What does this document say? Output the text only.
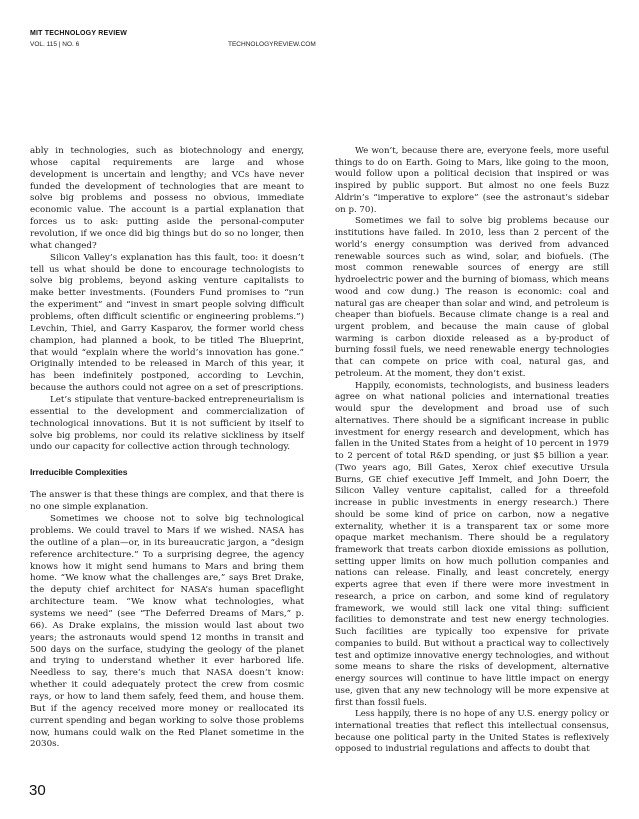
MIT TECHNOLOGY REVIEW
VOL. 115 | NO. 6	TECHNOLOGYREVIEW.COM

ably in technologies, such as biotechnology and energy, whose capital requirements are large and whose development is uncertain and lengthy; and VCs have never funded the development of technologies that are meant to solve big problems and possess no obvious, immediate economic value. The account is a partial explanation that forces us to ask: putting aside the personal-computer revolution, if we once did big things but do so no longer, then what changed?

Silicon Valley’s explanation has this fault, too: it doesn’t tell us what should be done to encourage technologists to solve big problems, beyond asking venture capitalists to make better investments. (Founders Fund promises to “run the experiment” and “invest in smart people solving difficult problems, often difficult scientific or engineering problems.”) Levchin, Thiel, and Garry Kasparov, the former world chess champion, had planned a book, to be titled The Blueprint, that would “explain where the world’s innovation has gone.” Originally intended to be released in March of this year, it has been indefinitely postponed, according to Levchin, because the authors could not agree on a set of prescriptions.

Let’s stipulate that venture-backed entrepreneurialism is essential to the development and commercialization of technological innovations. But it is not sufficient by itself to solve big problems, nor could its relative sickliness by itself undo our capacity for collective action through technology.

Irreducible Complexities

The answer is that these things are complex, and that there is no one simple explanation.

Sometimes we choose not to solve big technological problems. We could travel to Mars if we wished. NASA has the outline of a plan—or, in its bureaucratic jargon, a “design reference architecture.” To a surprising degree, the agency knows how it might send humans to Mars and bring them home. “We know what the challenges are,” says Bret Drake, the deputy chief architect for NASA’s human spaceflight architecture team. “We know what technologies, what systems we need” (see “The Deferred Dreams of Mars,” p. 66). As Drake explains, the mission would last about two years; the astronauts would spend 12 months in transit and 500 days on the surface, studying the geology of the planet and trying to understand whether it ever harbored life. Needless to say, there’s much that NASA doesn’t know: whether it could adequately protect the crew from cosmic rays, or how to land them safely, feed them, and house them. But if the agency received more money or reallocated its current spending and began working to solve those problems now, humans could walk on the Red Planet sometime in the 2030s.

We won’t, because there are, everyone feels, more useful things to do on Earth. Going to Mars, like going to the moon, would follow upon a political decision that inspired or was inspired by public support. But almost no one feels Buzz Aldrin’s “imperative to explore” (see the astronaut’s sidebar on p. 70).

Sometimes we fail to solve big problems because our institutions have failed. In 2010, less than 2 percent of the world’s energy consumption was derived from advanced renewable sources such as wind, solar, and biofuels. (The most common renewable sources of energy are still hydroelectric power and the burning of biomass, which means wood and cow dung.) The reason is economic: coal and natural gas are cheaper than solar and wind, and petroleum is cheaper than biofuels. Because climate change is a real and urgent problem, and because the main cause of global warming is carbon dioxide released as a by-product of burning fossil fuels, we need renewable energy technologies that can compete on price with coal, natural gas, and petroleum. At the moment, they don’t exist.

Happily, economists, technologists, and business leaders agree on what national policies and international treaties would spur the development and broad use of such alternatives. There should be a significant increase in public investment for energy research and development, which has fallen in the United States from a height of 10 percent in 1979 to 2 percent of total R&D spending, or just $5 billion a year. (Two years ago, Bill Gates, Xerox chief executive Ursula Burns, GE chief executive Jeff Immelt, and John Doerr, the Silicon Valley venture capitalist, called for a threefold increase in public investments in energy research.) There should be some kind of price on carbon, now a negative externality, whether it is a transparent tax or some more opaque market mechanism. There should be a regulatory framework that treats carbon dioxide emissions as pollution, setting upper limits on how much pollution companies and nations can release. Finally, and least concretely, energy experts agree that even if there were more investment in research, a price on carbon, and some kind of regulatory framework, we would still lack one vital thing: sufficient facilities to demonstrate and test new energy technologies. Such facilities are typically too expensive for private companies to build. But without a practical way to collectively test and optimize innovative energy technologies, and without some means to share the risks of development, alternative energy sources will continue to have little impact on energy use, given that any new technology will be more expensive at first than fossil fuels.

Less happily, there is no hope of any U.S. energy policy or international treaties that reflect this intellectual consensus, because one political party in the United States is reflexively opposed to industrial regulations and affects to doubt that

30
